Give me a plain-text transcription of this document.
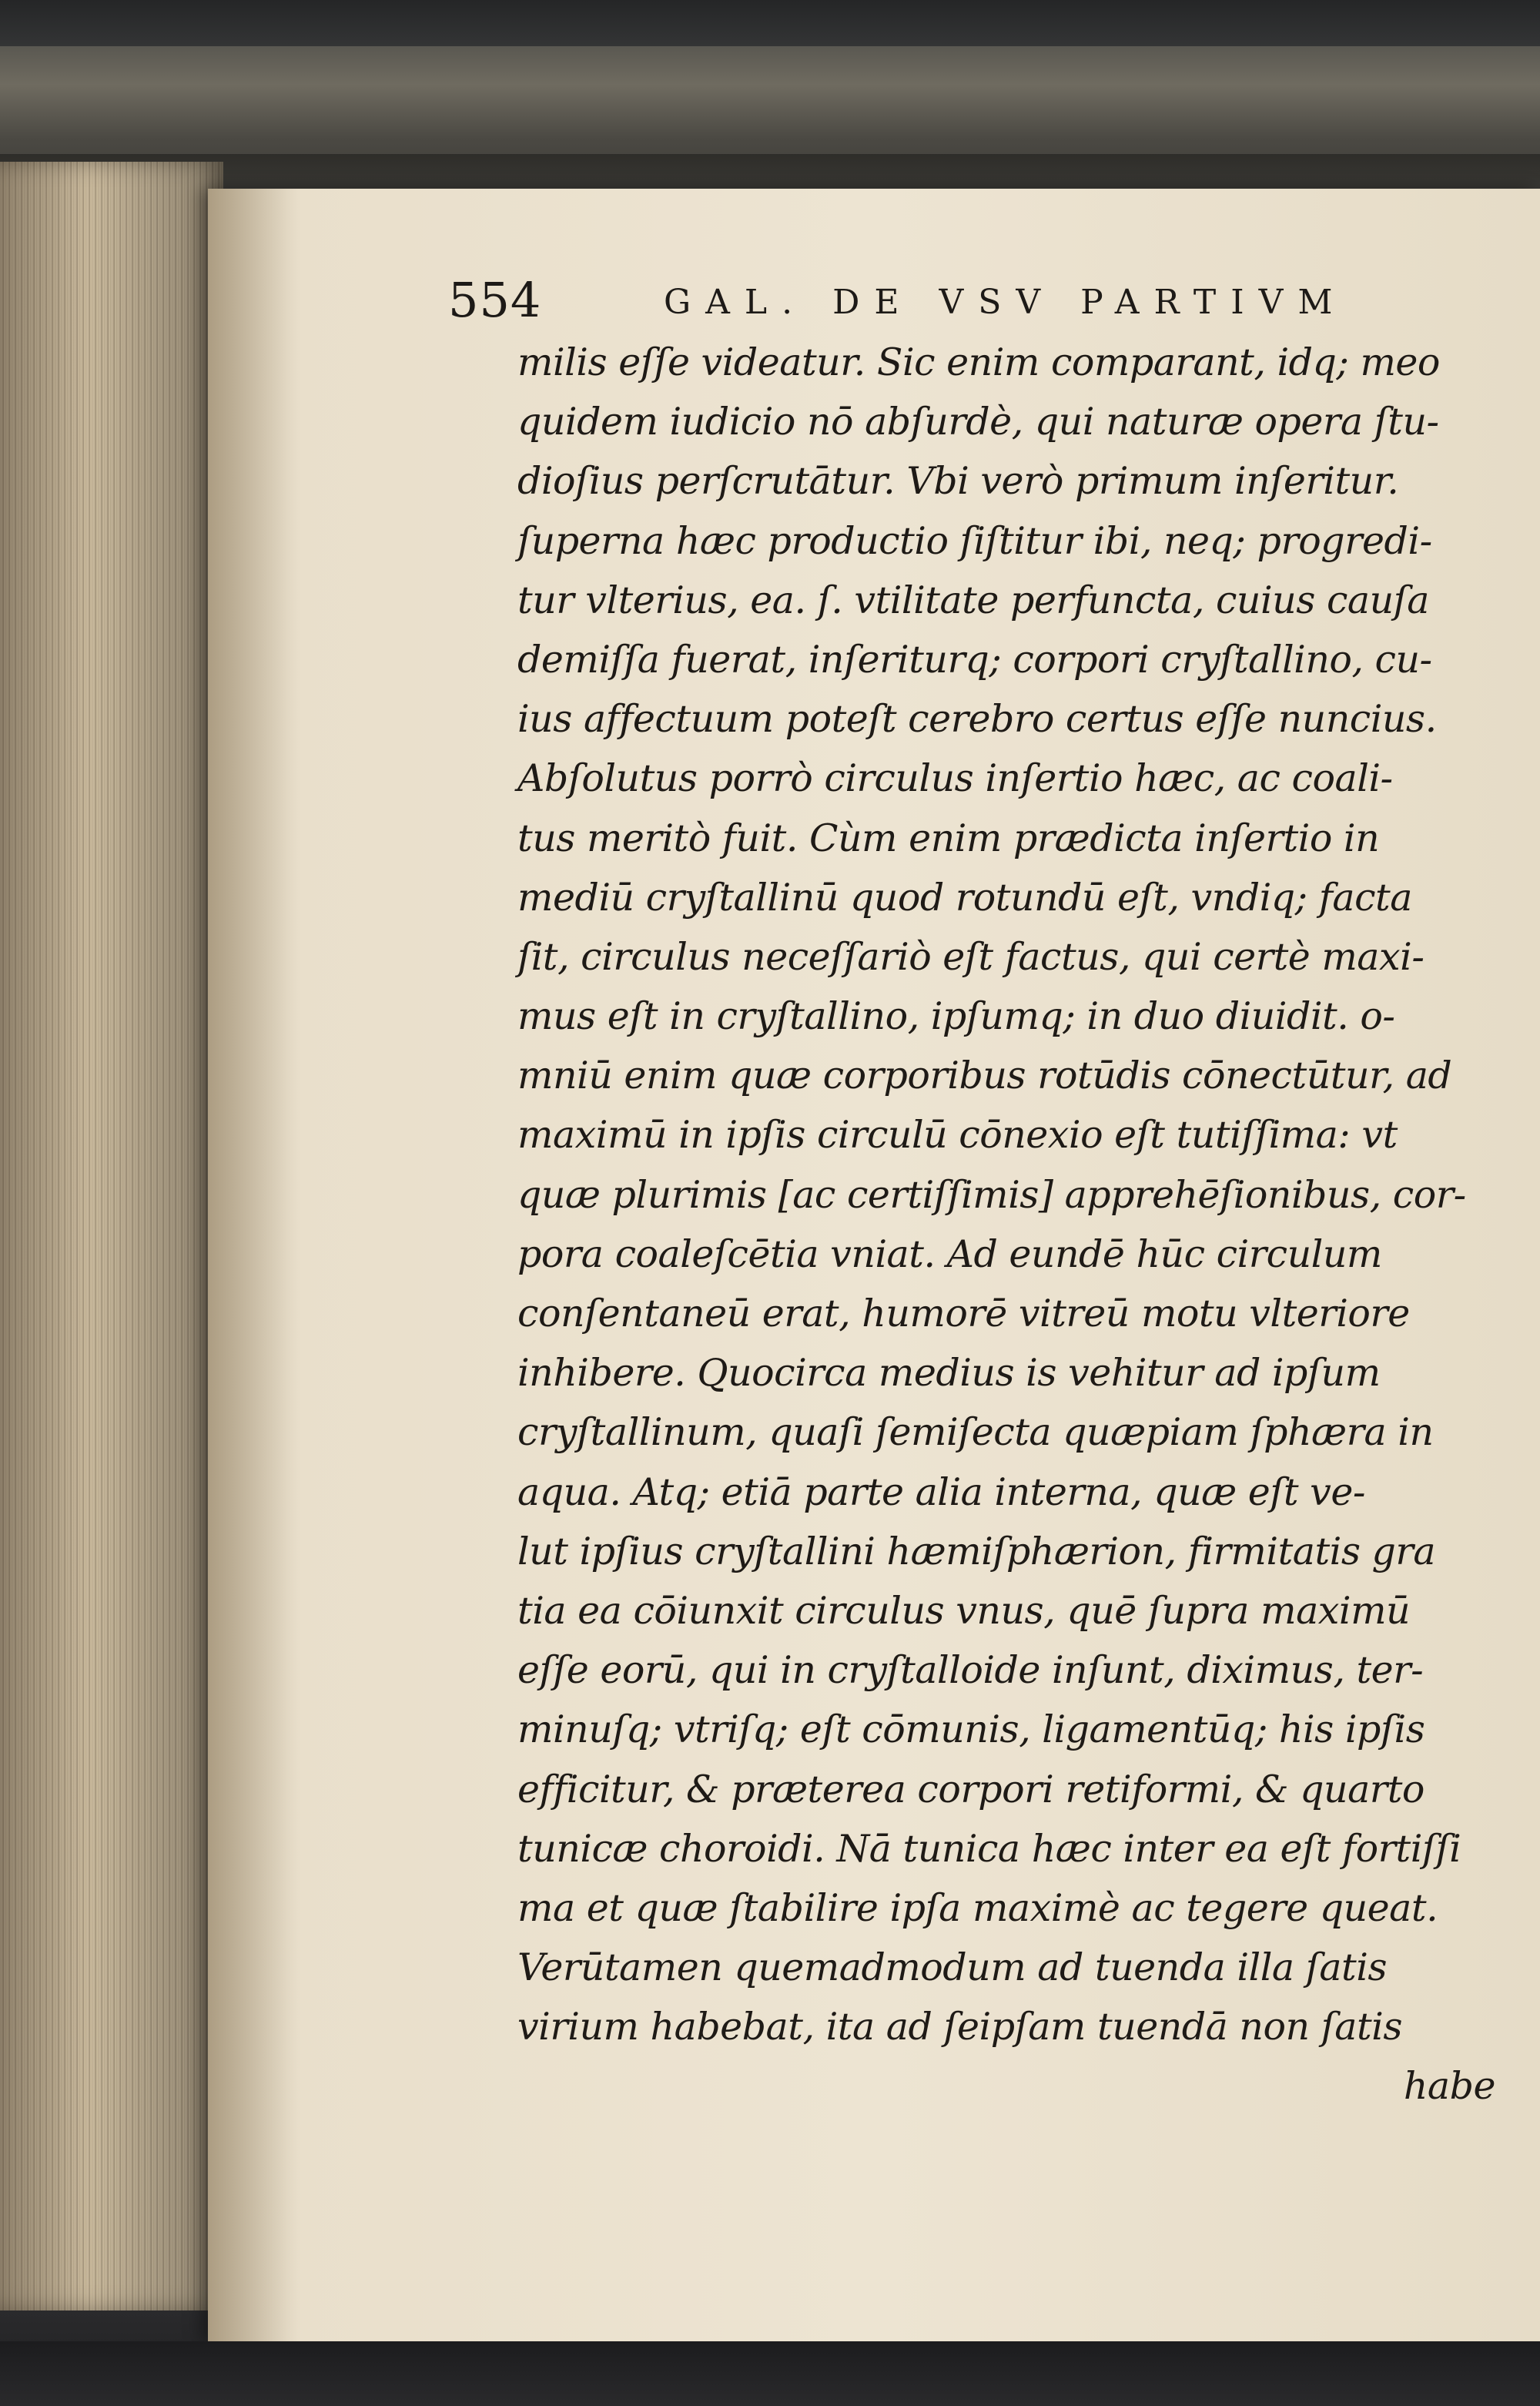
554	GAL. DE VSV PARTIVM
milis eſſe videatur. Sic enim comparant, idq; meo
quidem iudicio nō abſurdè, qui naturæ opera ſtu-
dioſius perſcrutātur. Vbi verò primum inſeritur.
ſuperna hæc productio ſiſtitur ibi, neq; progredi-
tur vlterius, ea. ſ. vtilitate perfuncta, cuius cauſa
demiſſa fuerat, inſeriturq; corpori cryſtallino, cu-
ius affectuum poteſt cerebro certus eſſe nuncius.
Abſolutus porrò circulus inſertio hæc, ac coali-
tus meritò fuit. Cùm enim prædicta inſertio in
mediū cryſtallinū quod rotundū eſt, vndiq; facta
ſit, circulus neceſſariò eſt factus, qui certè maxi-
mus eſt in cryſtallino, ipſumq; in duo diuidit. o-
mniū enim quæ corporibus rotūdis cōnectūtur, ad
maximū in ipſis circulū cōnexio eſt tutiſſima: vt
quæ plurimis [ac certiſſimis] apprehēſionibus, cor-
pora coaleſcētia vniat. Ad eundē hūc circulum
conſentaneū erat, humorē vitreū motu vlteriore
inhibere. Quocirca medius is vehitur ad ipſum
cryſtallinum, quaſi ſemiſecta quæpiam ſphæra in
aqua. Atq; etiā parte alia interna, quæ eſt ve-
lut ipſius cryſtallini hæmiſphærion, firmitatis gra
tia ea cōiunxit circulus vnus, quē ſupra maximū
eſſe eorū, qui in cryſtalloide inſunt, diximus, ter-
minuſq; vtriſq; eſt cōmunis, ligamentūq; his ipſis
efficitur, & præterea corpori retiformi, & quarto
tunicæ choroidi. Nā tunica hæc inter ea eſt fortiſſi
ma et quæ ſtabilire ipſa maximè ac tegere queat.
Verūtamen quemadmodum ad tuenda illa ſatis
virium habebat, ita ad ſeipſam tuendā non ſatis
habe
